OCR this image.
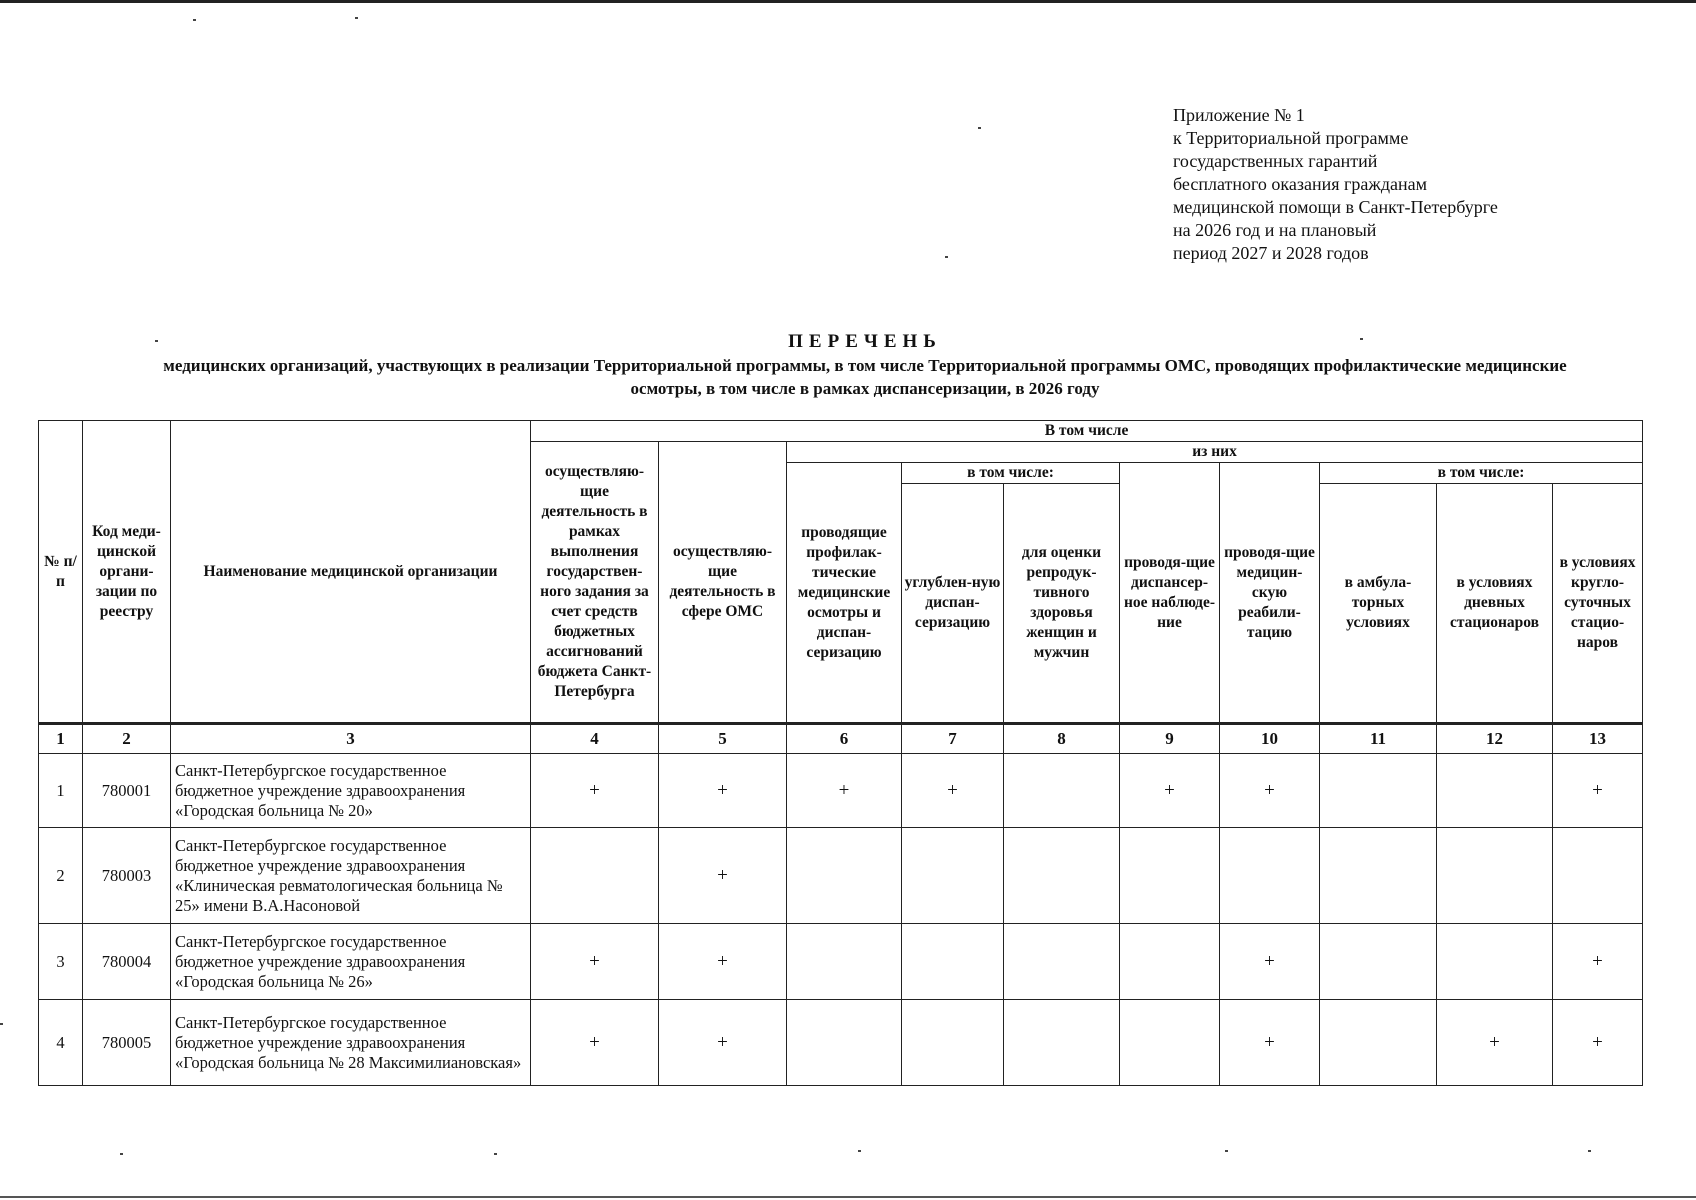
Приложение № 1
к Территориальной программе
государственных гарантий
бесплатного оказания гражданам
медицинской помощи в Санкт-Петербурге
на 2026 год и на плановый
период 2027 и 2028 годов
ПЕРЕЧЕНЬ
медицинских организаций, участвующих в реализации Территориальной программы, в том числе Территориальной программы ОМС, проводящих профилактические медицинские осмотры, в том числе в рамках диспансеризации, в 2026 году
№ п/п	Код меди-цинской органи-зации по реестру	Наименование медицинской организации	В том числе									
			осуществляю-щие деятельность в рамках выполнения государствен-ного задания за счет средств бюджетных ассигнований бюджета Санкт-Петербурга	осуществляю-щие деятельность в сфере ОМС	из них							
					проводящие профилак-тические медицинские осмотры и диспан-серизацию	в том числе:		проводя-щие диспансер-ное наблюде-ние	проводя-щие медицин-скую реабили-тацию	в том числе:		
						углублен-ную диспан-серизацию	для оценки репродук-тивного здоровья женщин и мужчин			в амбула-торных условиях	в условиях дневных стационаров	в условиях кругло-суточных стацио-наров
1	2	3	4	5	6	7	8	9	10	11	12	13
1	780001	Санкт-Петербургское государственное бюджетное учреждение здравоохранения «Городская больница № 20»	+	+	+	+		+	+			+
2	780003	Санкт-Петербургское государственное бюджетное учреждение здравоохранения «Клиническая ревматологическая больница № 25» имени В.А.Насоновой		+								
3	780004	Санкт-Петербургское государственное бюджетное учреждение здравоохранения «Городская больница № 26»	+	+					+			+
4	780005	Санкт-Петербургское государственное бюджетное учреждение здравоохранения «Городская больница № 28 Максимилиановская»	+	+					+		+	+
